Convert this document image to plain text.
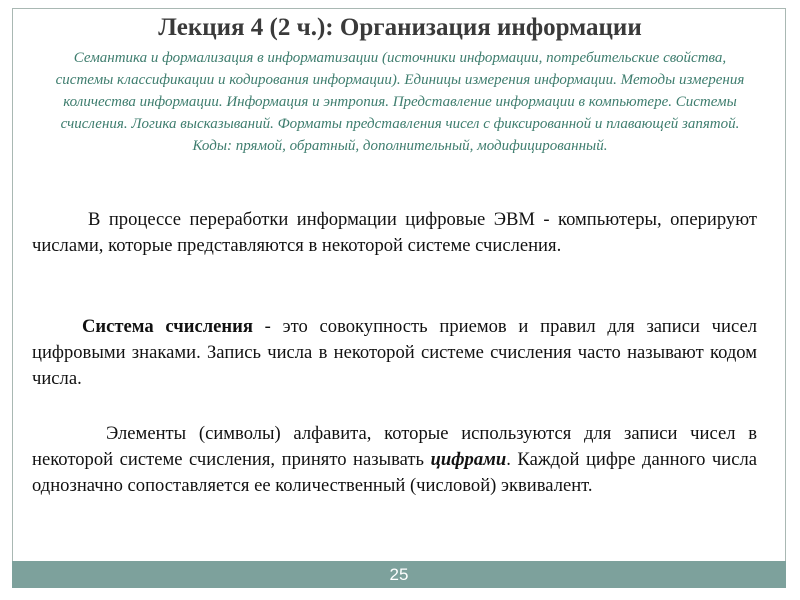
Лекция 4 (2 ч.): Организация информации
Семантика и формализация в информатизации (источники информации, потребительские свойства, системы классификации и кодирования информации). Единицы измерения информации. Методы измерения количества информации. Информация и энтропия. Представление информации в компьютере. Системы счисления. Логика высказываний. Форматы представления чисел с фиксированной и плавающей запятой. Коды: прямой, обратный, дополнительный, модифицированный.
В процессе переработки информации цифровые ЭВМ - компьютеры, оперируют числами, которые представляются в некоторой системе счисления.
Система счисления - это совокупность приемов и правил для записи чисел цифровыми знаками. Запись числа в некоторой системе счисления часто называют кодом числа.
Элементы (символы) алфавита, которые используются для записи чисел в некоторой системе счисления, принято называть цифрами. Каждой цифре данного числа однозначно сопоставляется ее количественный (числовой) эквивалент.
25
